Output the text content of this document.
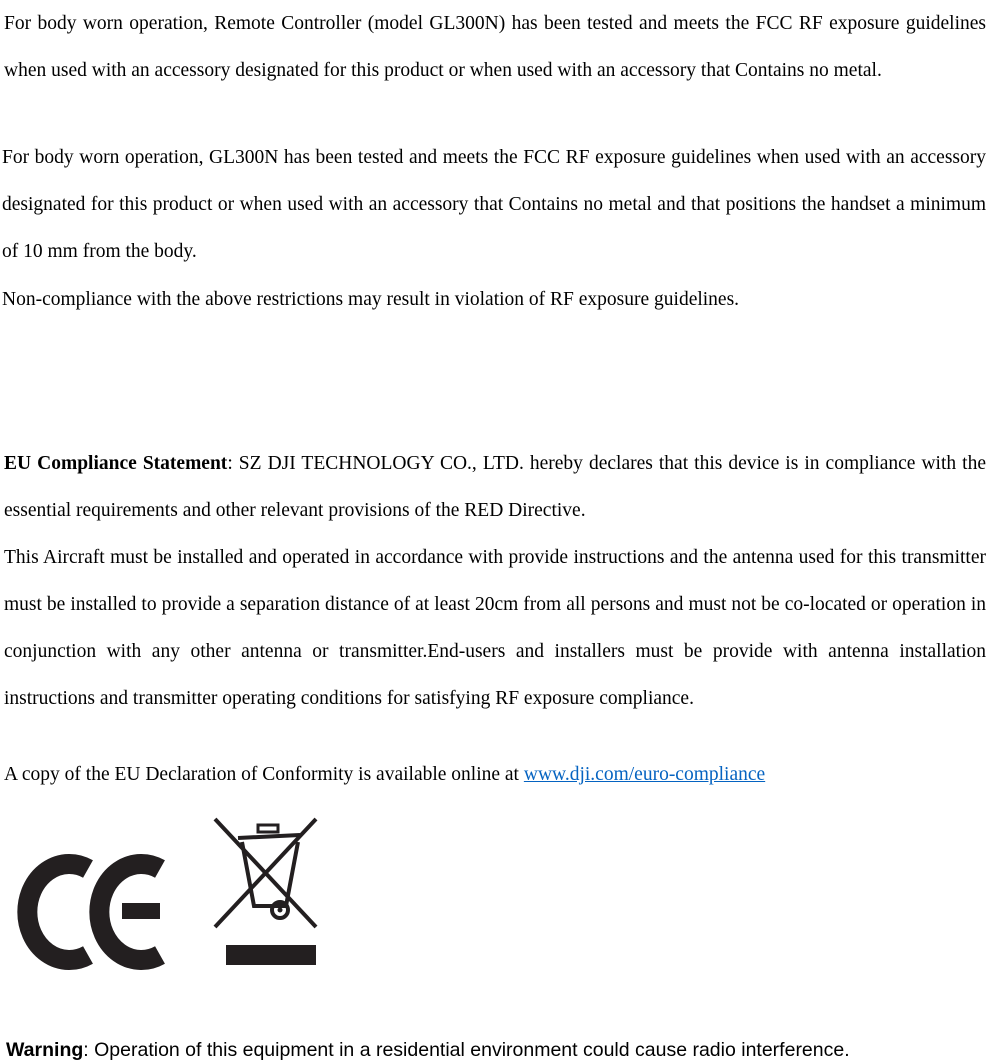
For body worn operation, Remote Controller (model GL300N) has been tested and meets the FCC RF exposure guidelines when used with an accessory designated for this product or when used with an accessory that Contains no metal.

For body worn operation, GL300N has been tested and meets the FCC RF exposure guidelines when used with an accessory designated for this product or when used with an accessory that Contains no metal and that positions the handset a minimum of 10 mm from the body.

Non-compliance with the above restrictions may result in violation of RF exposure guidelines.

EU Compliance Statement: SZ DJI TECHNOLOGY CO., LTD. hereby declares that this device is in compliance with the essential requirements and other relevant provisions of the RED Directive.

This Aircraft must be installed and operated in accordance with provide instructions and the antenna used for this transmitter must be installed to provide a separation distance of at least 20cm from all persons and must not be co-located or operation in conjunction with any other antenna or transmitter.End-users and installers must be provide with antenna installation instructions and transmitter operating conditions for satisfying RF exposure compliance.

A copy of the EU Declaration of Conformity is available online at www.dji.com/euro-compliance

Warning: Operation of this equipment in a residential environment could cause radio interference.
